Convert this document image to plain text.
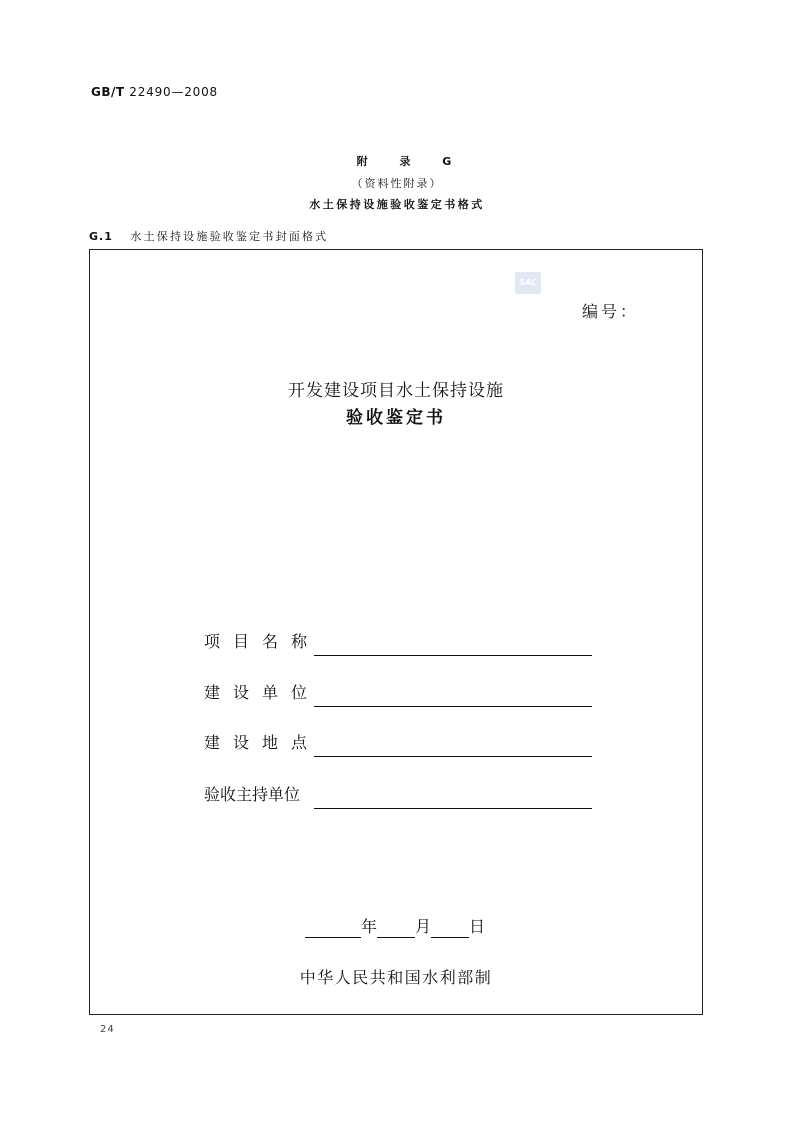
GB/T 22490—2008
附 录 G
（资料性附录）
水土保持设施验收鉴定书格式
G.1 水土保持设施验收鉴定书封面格式
SAC
编号：
开发建设项目水土保持设施
验收鉴定书
项目名称
建设单位
建设地点
验收主持单位
年 月 日
中华人民共和国水利部制
24
